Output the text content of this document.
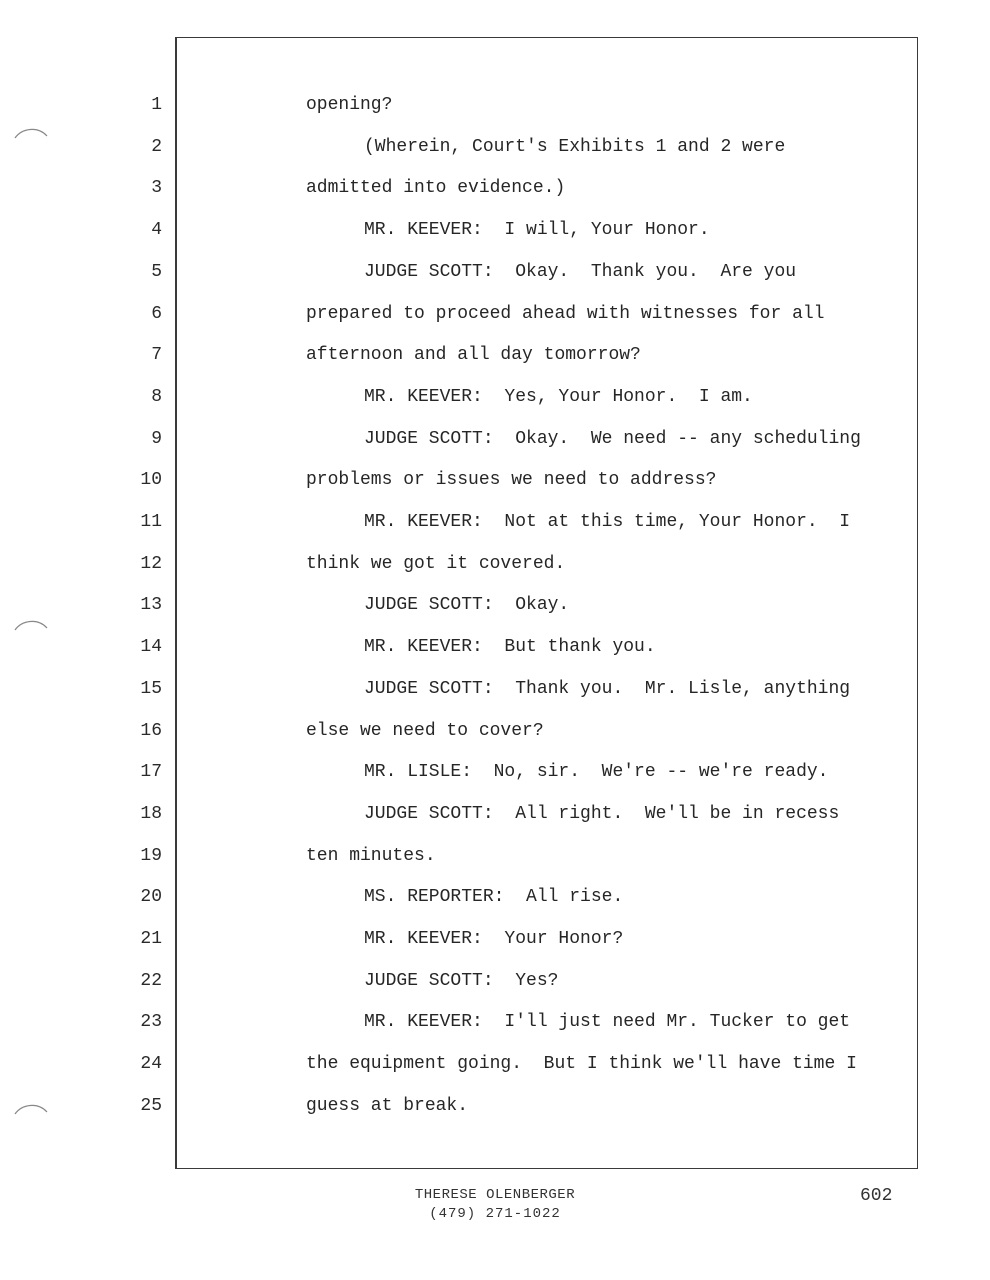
1	opening?
2	(Wherein, Court's Exhibits 1 and 2 were
3	admitted into evidence.)
4	MR. KEEVER:  I will, Your Honor.
5	JUDGE SCOTT:  Okay.  Thank you.  Are you
6	prepared to proceed ahead with witnesses for all
7	afternoon and all day tomorrow?
8	MR. KEEVER:  Yes, Your Honor.  I am.
9	JUDGE SCOTT:  Okay.  We need -- any scheduling
10	problems or issues we need to address?
11	MR. KEEVER:  Not at this time, Your Honor.  I
12	think we got it covered.
13	JUDGE SCOTT:  Okay.
14	MR. KEEVER:  But thank you.
15	JUDGE SCOTT:  Thank you.  Mr. Lisle, anything
16	else we need to cover?
17	MR. LISLE:  No, sir.  We're -- we're ready.
18	JUDGE SCOTT:  All right.  We'll be in recess
19	ten minutes.
20	MS. REPORTER:  All rise.
21	MR. KEEVER:  Your Honor?
22	JUDGE SCOTT:  Yes?
23	MR. KEEVER:  I'll just need Mr. Tucker to get
24	the equipment going.  But I think we'll have time I
25	guess at break.
THERESE OLENBERGER
(479) 271-1022
602
